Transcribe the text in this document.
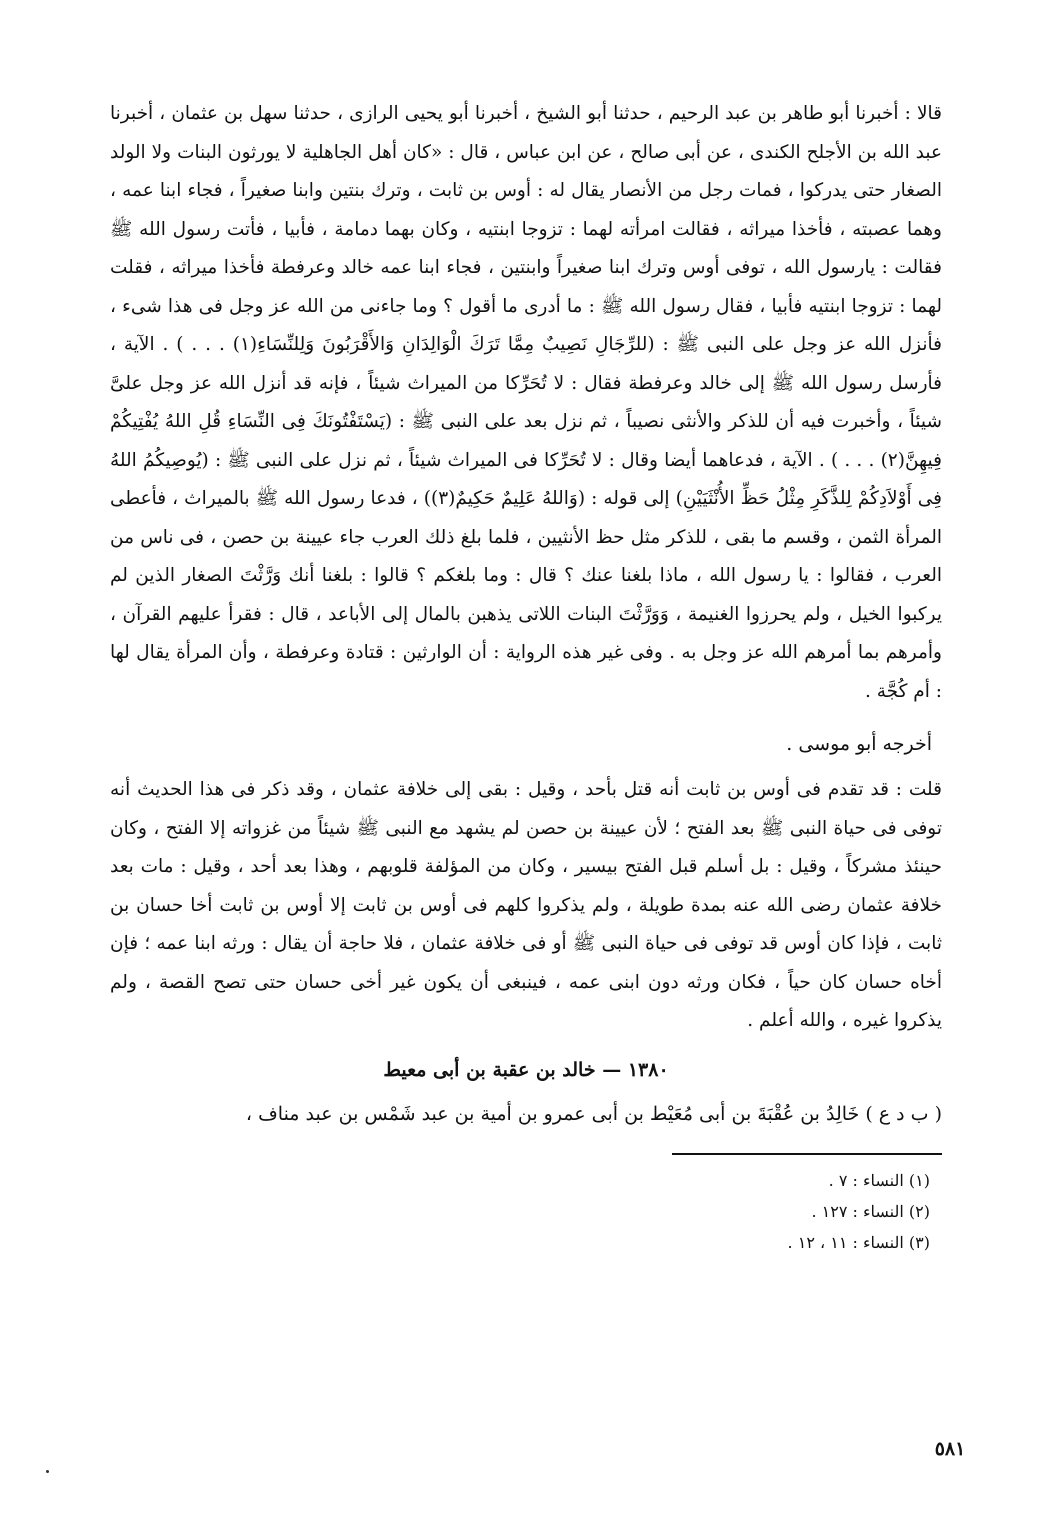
قالا : أخبرنا أبو طاهر بن عبد الرحيم ، حدثنا أبو الشيخ ، أخبرنا أبو يحيى الرازى ، حدثنا سهل بن عثمان ، أخبرنا عبد الله بن الأجلح الكندى ، عن أبى صالح ، عن ابن عباس ، قال : «كان أهل الجاهلية لا يورثون البنات ولا الولد الصغار حتى يدركوا ، فمات رجل من الأنصار يقال له : أوس بن ثابت ، وترك بنتين وابنا صغيراً ، فجاء ابنا عمه ، وهما عصبته ، فأخذا ميراثه ، فقالت امرأته لهما : تزوجا ابنتيه ، وكان بهما دمامة ، فأبيا ، فأتت رسول الله ﷺ فقالت : يارسول الله ، توفى أوس وترك ابنا صغيراً وابنتين ، فجاء ابنا عمه خالد وعرفطة فأخذا ميراثه ، فقلت لهما : تزوجا ابنتيه فأبيا ، فقال رسول الله ﷺ : ما أدرى ما أقول ؟ وما جاءنى من الله عز وجل فى هذا شىء ، فأنزل الله عز وجل على النبى ﷺ : (للرِّجَالِ نَصِيبٌ مِمَّا تَرَكَ الْوَالِدَانِ وَالأَقْرَبُونَ وَلِلنِّسَاءِ(١) . . . ) . الآية ، فأرسل رسول الله ﷺ إلى خالد وعرفطة فقال : لا تُحَرِّكا من الميراث شيئاً ، فإنه قد أنزل الله عز وجل علىَّ شيئاً ، وأخبرت فيه أن للذكر والأنثى نصيباً ، ثم نزل بعد على النبى ﷺ : (يَسْتَفْتُونَكَ فِى النِّسَاءِ قُلِ اللهُ يُفْتِيكُمْ فِيهِنَّ(٢) . . . ) . الآية ، فدعاهما أيضا وقال : لا تُحَرِّكا فى الميراث شيئاً ، ثم نزل على النبى ﷺ : (يُوصِيكُمُ اللهُ فِى أَوْلاَدِكُمْ لِلذَّكَرِ مِثْلُ حَظِّ الأُنْثَيَيْنِ) إلى قوله : (وَاللهُ عَلِيمٌ حَكِيمٌ(٣)) ، فدعا رسول الله ﷺ بالميراث ، فأعطى المرأة الثمن ، وقسم ما بقى ، للذكر مثل حظ الأنثيين ، فلما بلغ ذلك العرب جاء عيينة بن حصن ، فى ناس من العرب ، فقالوا : يا رسول الله ، ماذا بلغنا عنك ؟ قال : وما بلغكم ؟ قالوا : بلغنا أنك وَرَّثْتَ الصغار الذين لم يركبوا الخيل ، ولم يحرزوا الغنيمة ، وَوَرَّثْتَ البنات اللاتى يذهبن بالمال إلى الأباعد ، قال : فقرأ عليهم القرآن ، وأمرهم بما أمرهم الله عز وجل به . وفى غير هذه الرواية : أن الوارثين : قتادة وعرفطة ، وأن المرأة يقال لها : أم كُجَّة .

أخرجه أبو موسى .

قلت : قد تقدم فى أوس بن ثابت أنه قتل بأحد ، وقيل : بقى إلى خلافة عثمان ، وقد ذكر فى هذا الحديث أنه توفى فى حياة النبى ﷺ بعد الفتح ؛ لأن عيينة بن حصن لم يشهد مع النبى ﷺ شيئاً من غزواته إلا الفتح ، وكان حينئذ مشركاً ، وقيل : بل أسلم قبل الفتح بيسير ، وكان من المؤلفة قلوبهم ، وهذا بعد أحد ، وقيل : مات بعد خلافة عثمان رضى الله عنه بمدة طويلة ، ولم يذكروا كلهم فى أوس بن ثابت إلا أوس بن ثابت أخا حسان بن ثابت ، فإذا كان أوس قد توفى فى حياة النبى ﷺ أو فى خلافة عثمان ، فلا حاجة أن يقال : ورثه ابنا عمه ؛ فإن أخاه حسان كان حياً ، فكان ورثه دون ابنى عمه ، فينبغى أن يكون غير أخى حسان حتى تصح القصة ، ولم يذكروا غيره ، والله أعلم .

١٣٨٠ — خالد بن عقبة بن أبى معيط
( ب د ع ) خَالِدُ بن عُقْبَةَ بن أبى مُعَيْط بن أبى عمرو بن أمية بن عبد شَمْس بن عبد مناف ،
(١) النساء : ٧ .
(٢) النساء : ١٢٧ .
(٣) النساء : ١١ ، ١٢ .
٥٨١
